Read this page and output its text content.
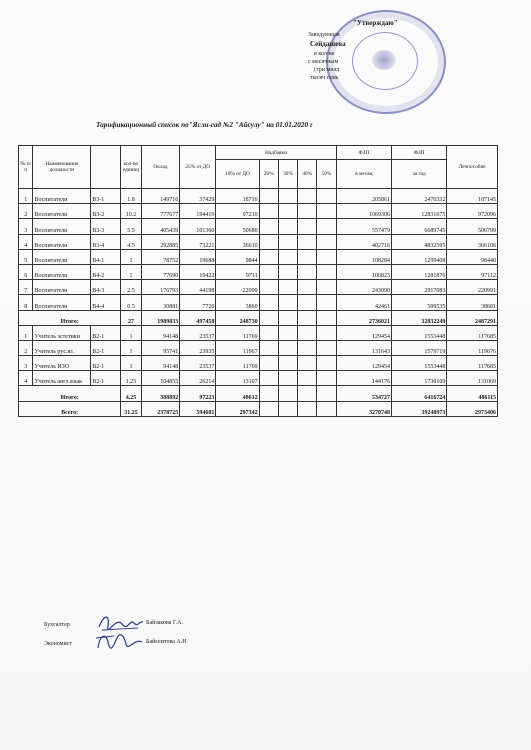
"Утверждаю"
Заведующая
Сейдашева
в кол-ве
с месячным
(три милл
тысяч семь
Тарификационный список по"Ясли-сад №2 "Айсулу" на 01.01.2020 г
№ п/п	Наименование должности		кол-во единиц	Оклад	25% от ДО	Надбавки					ФЗП	ФЗП	Лечпособие
						10% от ДО	20%	30%	40%	50%	в месяц	за год	
1	Воспитатели	В3-1	1.8	149716	37429	18716					205861	2470332	187145
2	Воспитатели	В3-2	10.2	777677	194419	97210					1069306	12831675	972096
3	Воспитатели	В3-3	5.5	405439	101360	50680					557479	6689745	506799
4	Воспитатели	В3-4	4.5	292885	73221	36610					402716	4832595	366106
5	Воспитатели	В4-1	1	78752	19688	9844					108284	1299408	98440
6	Воспитатели	В4-2	1	77690	19422	9711					106823	1281876	97112
7	Воспитатели	В4-3	2.5	176793	44198	22099					243090	2917083	220991
8	Воспитатели	В4-4	0.5	30881	7720	3860					42461	509535	38601
Итого:			27	1989833	497458	248730					2736021	32832249	2487291
1	Учитель эстетики	В2-1	1	94148	23537	11769					129454	1553448	117685
2	Учитель рус.яз.	В2-1	1	95741	23935	11967					131643	1579719	119676
3	Учитель ИЗО	В2-1	1	94148	23537	11769					129454	1553448	117685
4	Учитель англ.язык	В2-1	1.25	104855	26214	13107					144176	1730109	131069
Итого:			4.25	388892	97223	48612					534727	6416724	486115
Всего:			31.25	2378725	594681	297342					3270748	39248973	2973406
Бухгалтер	Байзакова Г.А.
Экономист	Байсеитова А.Н
